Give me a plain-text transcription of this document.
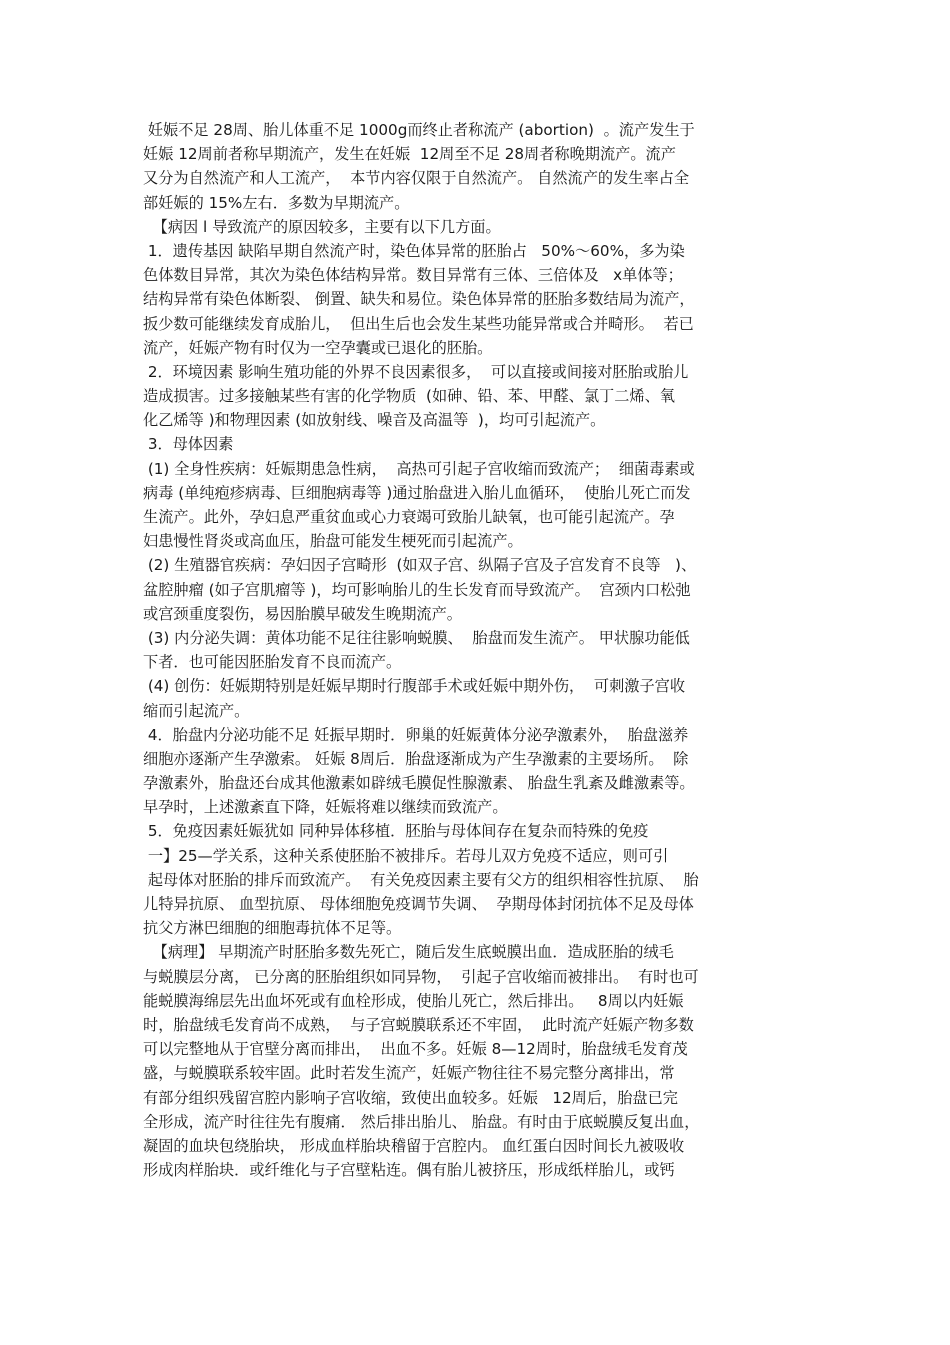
妊娠不足 28周、胎儿体重不足 1000g而终止者称流产 (abortion)  。流产发生于
妊娠 12周前者称早期流产，发生在妊娠  12周至不足 28周者称晚期流产。流产
又分为自然流产和人工流产，  本节内容仅限于自然流产。 自然流产的发生率占全
部妊娠的 15%左右．多数为早期流产。
【病因 l 导致流产的原因较多，主要有以下几方面。
1．遗传基因 缺陷早期自然流产时，染色体异常的胚胎占   50%～60%，多为染
色体数目异常，其次为染色体结构异常。数目异常有三体、三倍体及   x单体等；
结构异常有染色体断裂、 倒置、缺失和易位。染色体异常的胚胎多数结局为流产，
扳少数可能继续发育成胎儿，  但出生后也会发生某些功能异常或合并畸形。  若已
流产，妊娠产物有时仅为一空孕囊或已退化的胚胎。
2．环境因素 影响生殖功能的外界不良因素很多，  可以直接或间接对胚胎或胎儿
造成损害。过多接触某些有害的化学物质  (如砷、铅、苯、甲醛、氯丁二烯、氧
化乙烯等 )和物理因素 (如放射线、噪音及高温等  )，均可引起流产。
3．母体因素
(1) 全身性疾病：妊娠期患急性病，  高热可引起子宫收缩而致流产；  细菌毒素或
病毒 (单纯疱疹病毒、巨细胞病毒等 )通过胎盘进入胎儿血循环，  使胎儿死亡而发
生流产。此外，孕妇息严重贫血或心力衰竭可致胎儿缺氧，也可能引起流产。孕
妇患慢性肾炎或高血压，胎盘可能发生梗死而引起流产。
(2) 生殖器官疾病：孕妇因子宫畸形  (如双子宫、纵隔子宫及子宫发育不良等   )、
盆腔肿瘤 (如子宫肌瘤等 )，均可影响胎儿的生长发育而导致流产。  宫颈内口松弛
或宫颈重度裂伤，易因胎膜早破发生晚期流产。
(3) 内分泌失调：黄体功能不足往往影响蜕膜、  胎盘而发生流产。 甲状腺功能低
下者．也可能因胚胎发育不良而流产。
(4) 创伤：妊娠期特别是妊娠早期时行腹部手术或妊娠中期外伤，  可刺激子宫收
缩而引起流产。
4．胎盘内分泌功能不足 妊振早期时．卵巢的妊娠黄体分泌孕激素外，  胎盘滋养
细胞亦逐渐产生孕激索。 妊娠 8周后．胎盘逐渐成为产生孕激素的主要场所。  除
孕激素外，胎盘还台成其他激素如辟绒毛膜促性腺激素、 胎盘生乳紊及雌激素等。
早孕时，上述激紊直下降，妊娠将难以继续而致流产。
5．免疫因素妊娠犹如 同种异体移植．胚胎与母体间存在复杂而特殊的免疫
一】25—学关系，这种关系使胚胎不被排斥。若母儿双方免疫不适应，则可引
起母体对胚胎的排斥而致流产。  有关免疫因素主要有父方的组织相容性抗原、  胎
儿特异抗原、 血型抗原、 母体细胞免疫调节失调、  孕期母体封闭抗体不足及母体
抗父方淋巴细胞的细胞毒抗体不足等。
【病理】 早期流产时胚胎多数先死亡，随后发生底蜕膜出血．造成胚胎的绒毛
与蜕膜层分离， 已分离的胚胎组织如同异物，  引起子宫收缩而被排出。  有时也可
能蜕膜海绵层先出血坏死或有血栓形成，使胎儿死亡，然后排出。   8周以内妊娠
时，胎盘绒毛发育尚不成熟，  与子宫蜕膜联系还不牢固，  此时流产妊娠产物多数
可以完整地从于官壁分离而排出，  出血不多。妊娠 8—12周时，胎盘绒毛发育茂
盛，与蜕膜联系较牢固。此时若发生流产，妊娠产物往往不易完整分离排出，常
有部分组织残留宫腔内影响子宫收缩，致使出血较多。妊娠   12周后，胎盘已完
全形成，流产时往往先有腹痛． 然后排出胎儿、 胎盘。有时由于底蜕膜反复出血，
凝固的血块包绕胎块， 形成血样胎块稽留于宫腔内。 血红蛋白因时间长九被吸收
形成肉样胎块．或纤维化与子宫壁粘连。偶有胎儿被挤压，形成纸样胎儿，或钙
